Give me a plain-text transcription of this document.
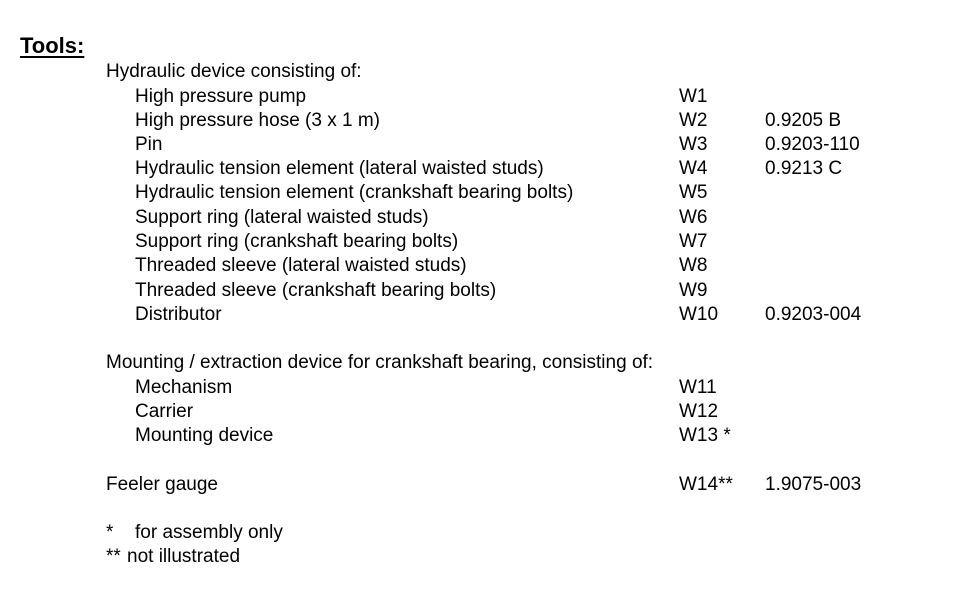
Tools:
Hydraulic device consisting of:
High pressure pump	W1
High pressure hose (3 x 1 m)	W2	0.9205 B
Pin	W3	0.9203-110
Hydraulic tension element (lateral waisted studs)	W4	0.9213 C
Hydraulic tension element (crankshaft bearing bolts)	W5
Support ring (lateral waisted studs)	W6
Support ring (crankshaft bearing bolts)	W7
Threaded sleeve (lateral waisted studs)	W8
Threaded sleeve (crankshaft bearing bolts)	W9
Distributor	W10 0.9203-004
Mounting / extraction device for crankshaft bearing, consisting of:
Mechanism	W11
Carrier	W12
Mounting device	W13 *
Feeler gauge	W14** 1.9075-003
* for assembly only
** not illustrated
